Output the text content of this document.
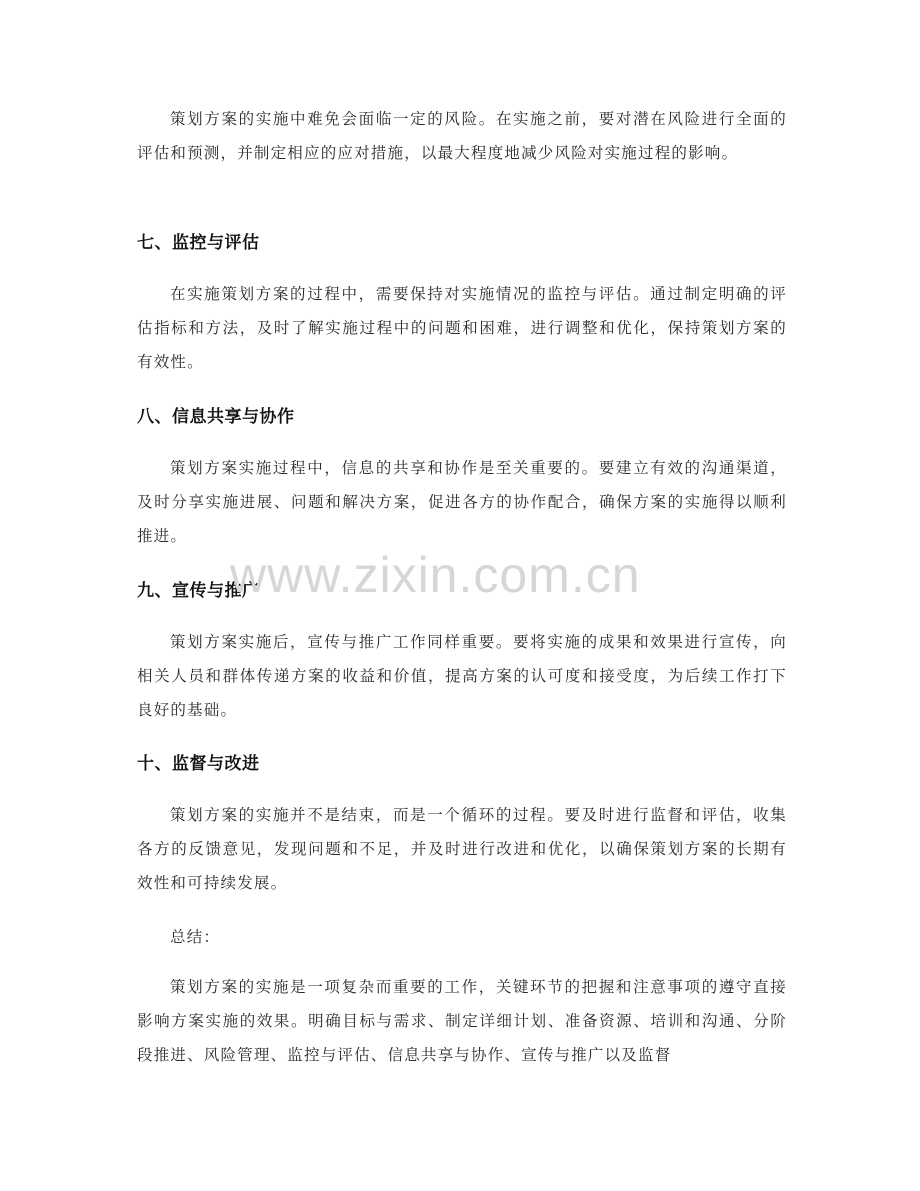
策划方案的实施中难免会面临一定的风险。在实施之前，要对潜在风险进行全面的评估和预测，并制定相应的应对措施，以最大程度地减少风险对实施过程的影响。

七、监控与评估

在实施策划方案的过程中，需要保持对实施情况的监控与评估。通过制定明确的评估指标和方法，及时了解实施过程中的问题和困难，进行调整和优化，保持策划方案的有效性。

八、信息共享与协作

策划方案实施过程中，信息的共享和协作是至关重要的。要建立有效的沟通渠道，及时分享实施进展、问题和解决方案，促进各方的协作配合，确保方案的实施得以顺利推进。

九、宣传与推广

策划方案实施后，宣传与推广工作同样重要。要将实施的成果和效果进行宣传，向相关人员和群体传递方案的收益和价值，提高方案的认可度和接受度，为后续工作打下良好的基础。

十、监督与改进

策划方案的实施并不是结束，而是一个循环的过程。要及时进行监督和评估，收集各方的反馈意见，发现问题和不足，并及时进行改进和优化，以确保策划方案的长期有效性和可持续发展。

总结：

策划方案的实施是一项复杂而重要的工作，关键环节的把握和注意事项的遵守直接影响方案实施的效果。明确目标与需求、制定详细计划、准备资源、培训和沟通、分阶段推进、风险管理、监控与评估、信息共享与协作、宣传与推广以及监督

www.zixin.com.cn
